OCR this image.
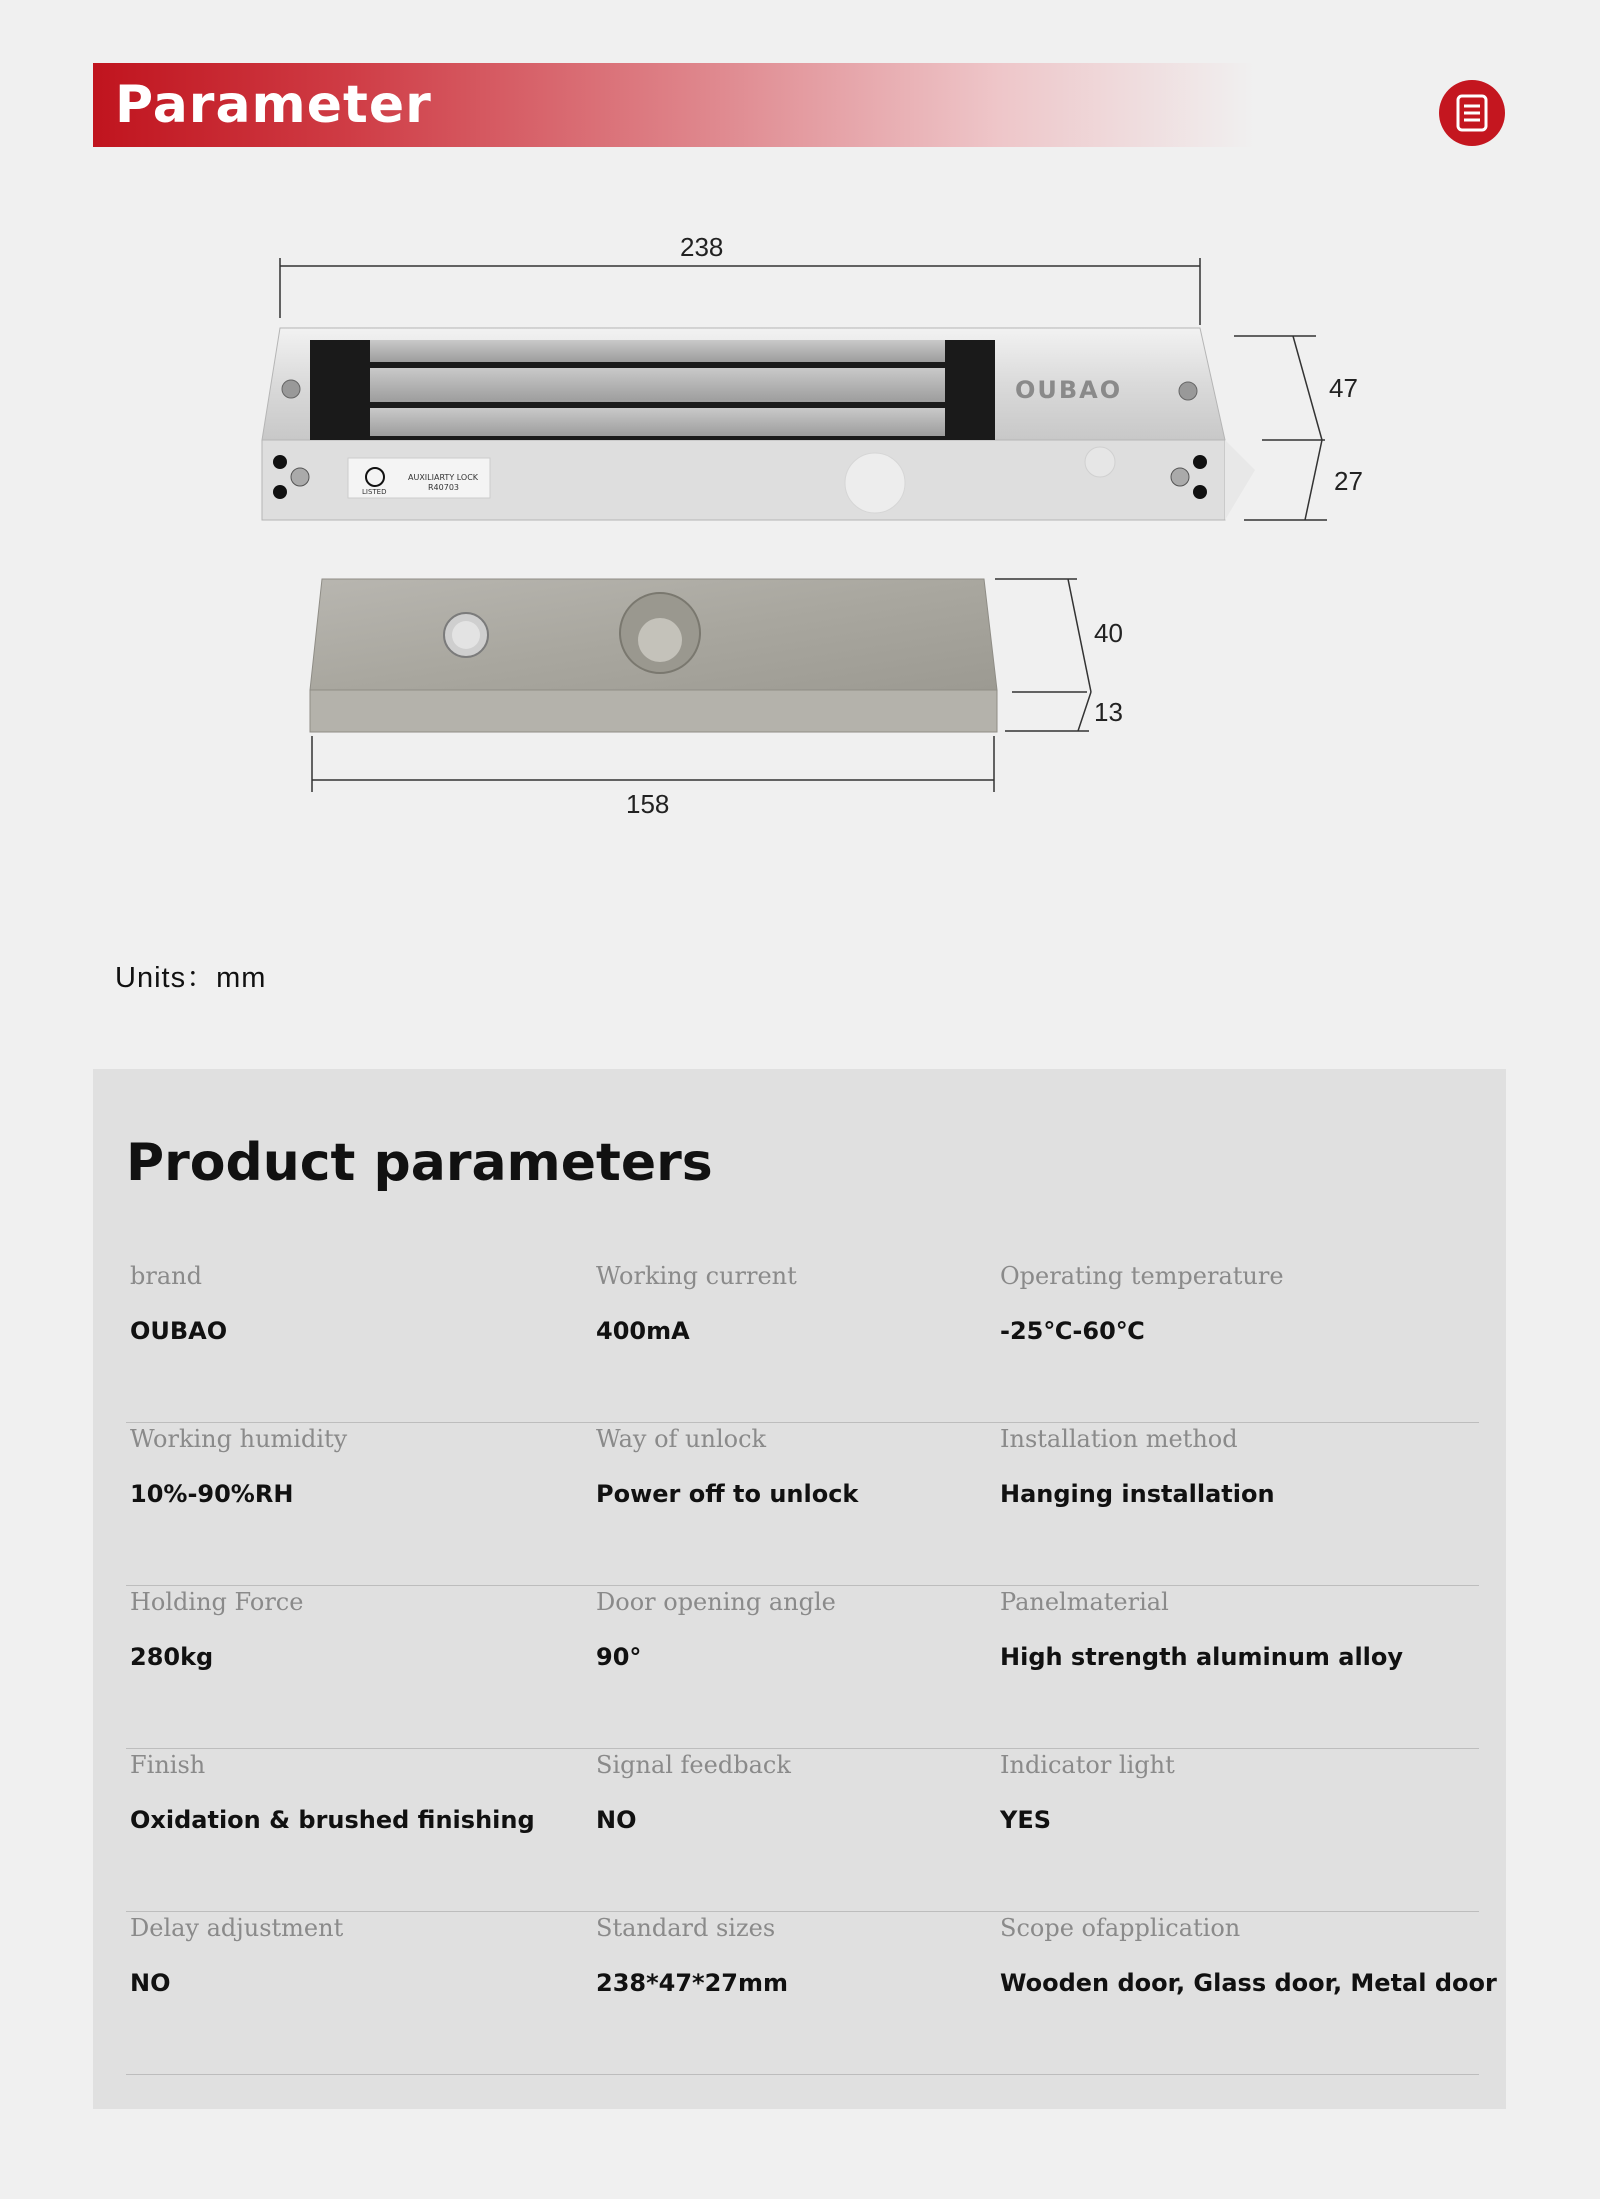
Parameter
238
OUBAO
AUXILIARTY LOCK
R40703
LISTED
47
27
40
13
158
Units：mm
Product parameters
brand
OUBAO
Working current
400mA
Operating temperature
-25℃-60℃
Working humidity
10%-90%RH
Way of unlock
Power off to unlock
Installation method
Hanging installation
Holding Force
280kg
Door opening angle
90°
Panelmaterial
High strength aluminum alloy
Finish
Oxidation & brushed finishing
Signal feedback
NO
Indicator light
YES
Delay adjustment
NO
Standard sizes
238*47*27mm
Scope ofapplication
Wooden door, Glass door, Metal door
